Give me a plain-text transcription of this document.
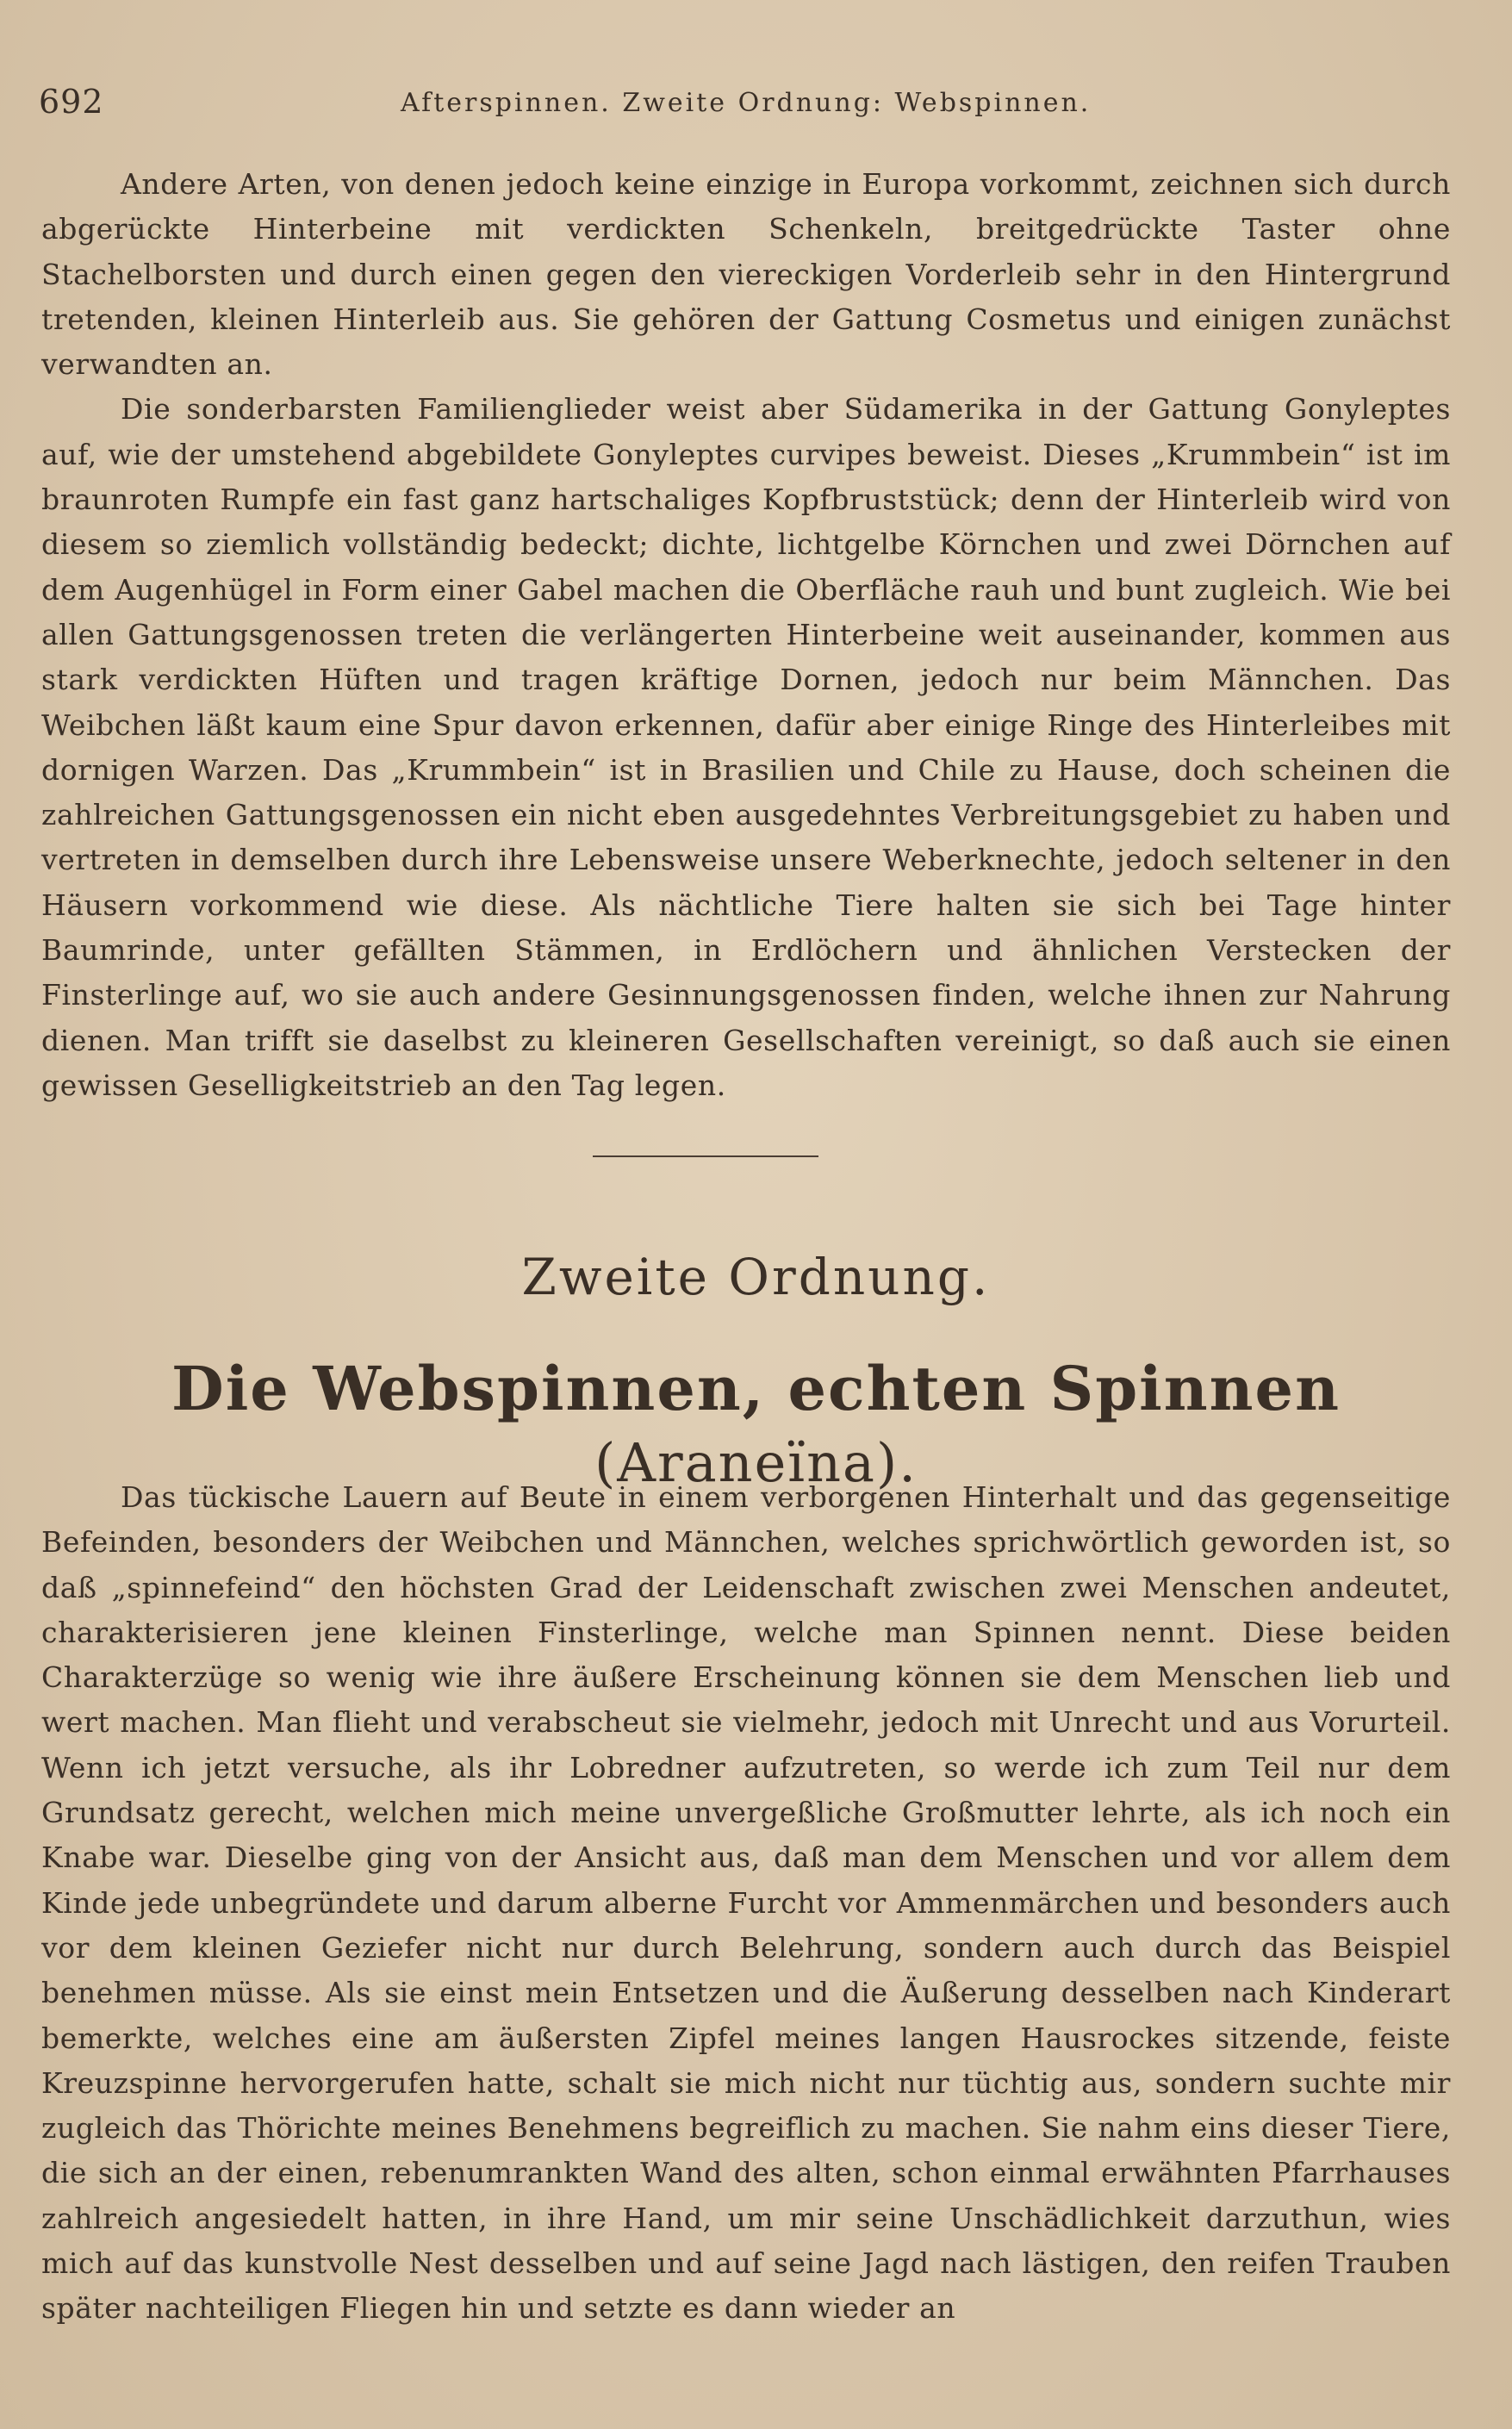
692	Afterspinnen. Zweite Ordnung: Webspinnen.

Andere Arten, von denen jedoch keine einzige in Europa vorkommt, zeichnen sich durch abgerückte Hinterbeine mit verdickten Schenkeln, breitgedrückte Taster ohne Stachelborsten und durch einen gegen den viereckigen Vorderleib sehr in den Hintergrund tretenden, kleinen Hinterleib aus. Sie gehören der Gattung Cosmetus und einigen zunächst verwandten an.

Die sonderbarsten Familienglieder weist aber Südamerika in der Gattung Gonyleptes auf, wie der umstehend abgebildete Gonyleptes curvipes beweist. Dieses „Krummbein“ ist im braunroten Rumpfe ein fast ganz hartschaliges Kopfbruststück; denn der Hinterleib wird von diesem so ziemlich vollständig bedeckt; dichte, lichtgelbe Körnchen und zwei Dörnchen auf dem Augenhügel in Form einer Gabel machen die Oberfläche rauh und bunt zugleich. Wie bei allen Gattungsgenossen treten die verlängerten Hinterbeine weit auseinander, kommen aus stark verdickten Hüften und tragen kräftige Dornen, jedoch nur beim Männchen. Das Weibchen läßt kaum eine Spur davon erkennen, dafür aber einige Ringe des Hinterleibes mit dornigen Warzen. Das „Krummbein“ ist in Brasilien und Chile zu Hause, doch scheinen die zahlreichen Gattungsgenossen ein nicht eben ausgedehntes Verbreitungsgebiet zu haben und vertreten in demselben durch ihre Lebensweise unsere Weberknechte, jedoch seltener in den Häusern vorkommend wie diese. Als nächtliche Tiere halten sie sich bei Tage hinter Baumrinde, unter gefällten Stämmen, in Erdlöchern und ähnlichen Verstecken der Finsterlinge auf, wo sie auch andere Gesinnungsgenossen finden, welche ihnen zur Nahrung dienen. Man trifft sie daselbst zu kleineren Gesellschaften vereinigt, so daß auch sie einen gewissen Geselligkeitstrieb an den Tag legen.

Zweite Ordnung.
Die Webspinnen, echten Spinnen (Araneïna).

Das tückische Lauern auf Beute in einem verborgenen Hinterhalt und das gegenseitige Befeinden, besonders der Weibchen und Männchen, welches sprichwörtlich geworden ist, so daß „spinnefeind“ den höchsten Grad der Leidenschaft zwischen zwei Menschen andeutet, charakterisieren jene kleinen Finsterlinge, welche man Spinnen nennt. Diese beiden Charakterzüge so wenig wie ihre äußere Erscheinung können sie dem Menschen lieb und wert machen. Man flieht und verabscheut sie vielmehr, jedoch mit Unrecht und aus Vorurteil. Wenn ich jetzt versuche, als ihr Lobredner aufzutreten, so werde ich zum Teil nur dem Grundsatz gerecht, welchen mich meine unvergeßliche Großmutter lehrte, als ich noch ein Knabe war. Dieselbe ging von der Ansicht aus, daß man dem Menschen und vor allem dem Kinde jede unbegründete und darum alberne Furcht vor Ammenmärchen und besonders auch vor dem kleinen Geziefer nicht nur durch Belehrung, sondern auch durch das Beispiel benehmen müsse. Als sie einst mein Entsetzen und die Äußerung desselben nach Kinderart bemerkte, welches eine am äußersten Zipfel meines langen Hausrockes sitzende, feiste Kreuzspinne hervorgerufen hatte, schalt sie mich nicht nur tüchtig aus, sondern suchte mir zugleich das Thörichte meines Benehmens begreiflich zu machen. Sie nahm eins dieser Tiere, die sich an der einen, rebenumrankten Wand des alten, schon einmal erwähnten Pfarrhauses zahlreich angesiedelt hatten, in ihre Hand, um mir seine Unschädlichkeit darzuthun, wies mich auf das kunstvolle Nest desselben und auf seine Jagd nach lästigen, den reifen Trauben später nachteiligen Fliegen hin und setzte es dann wieder an
